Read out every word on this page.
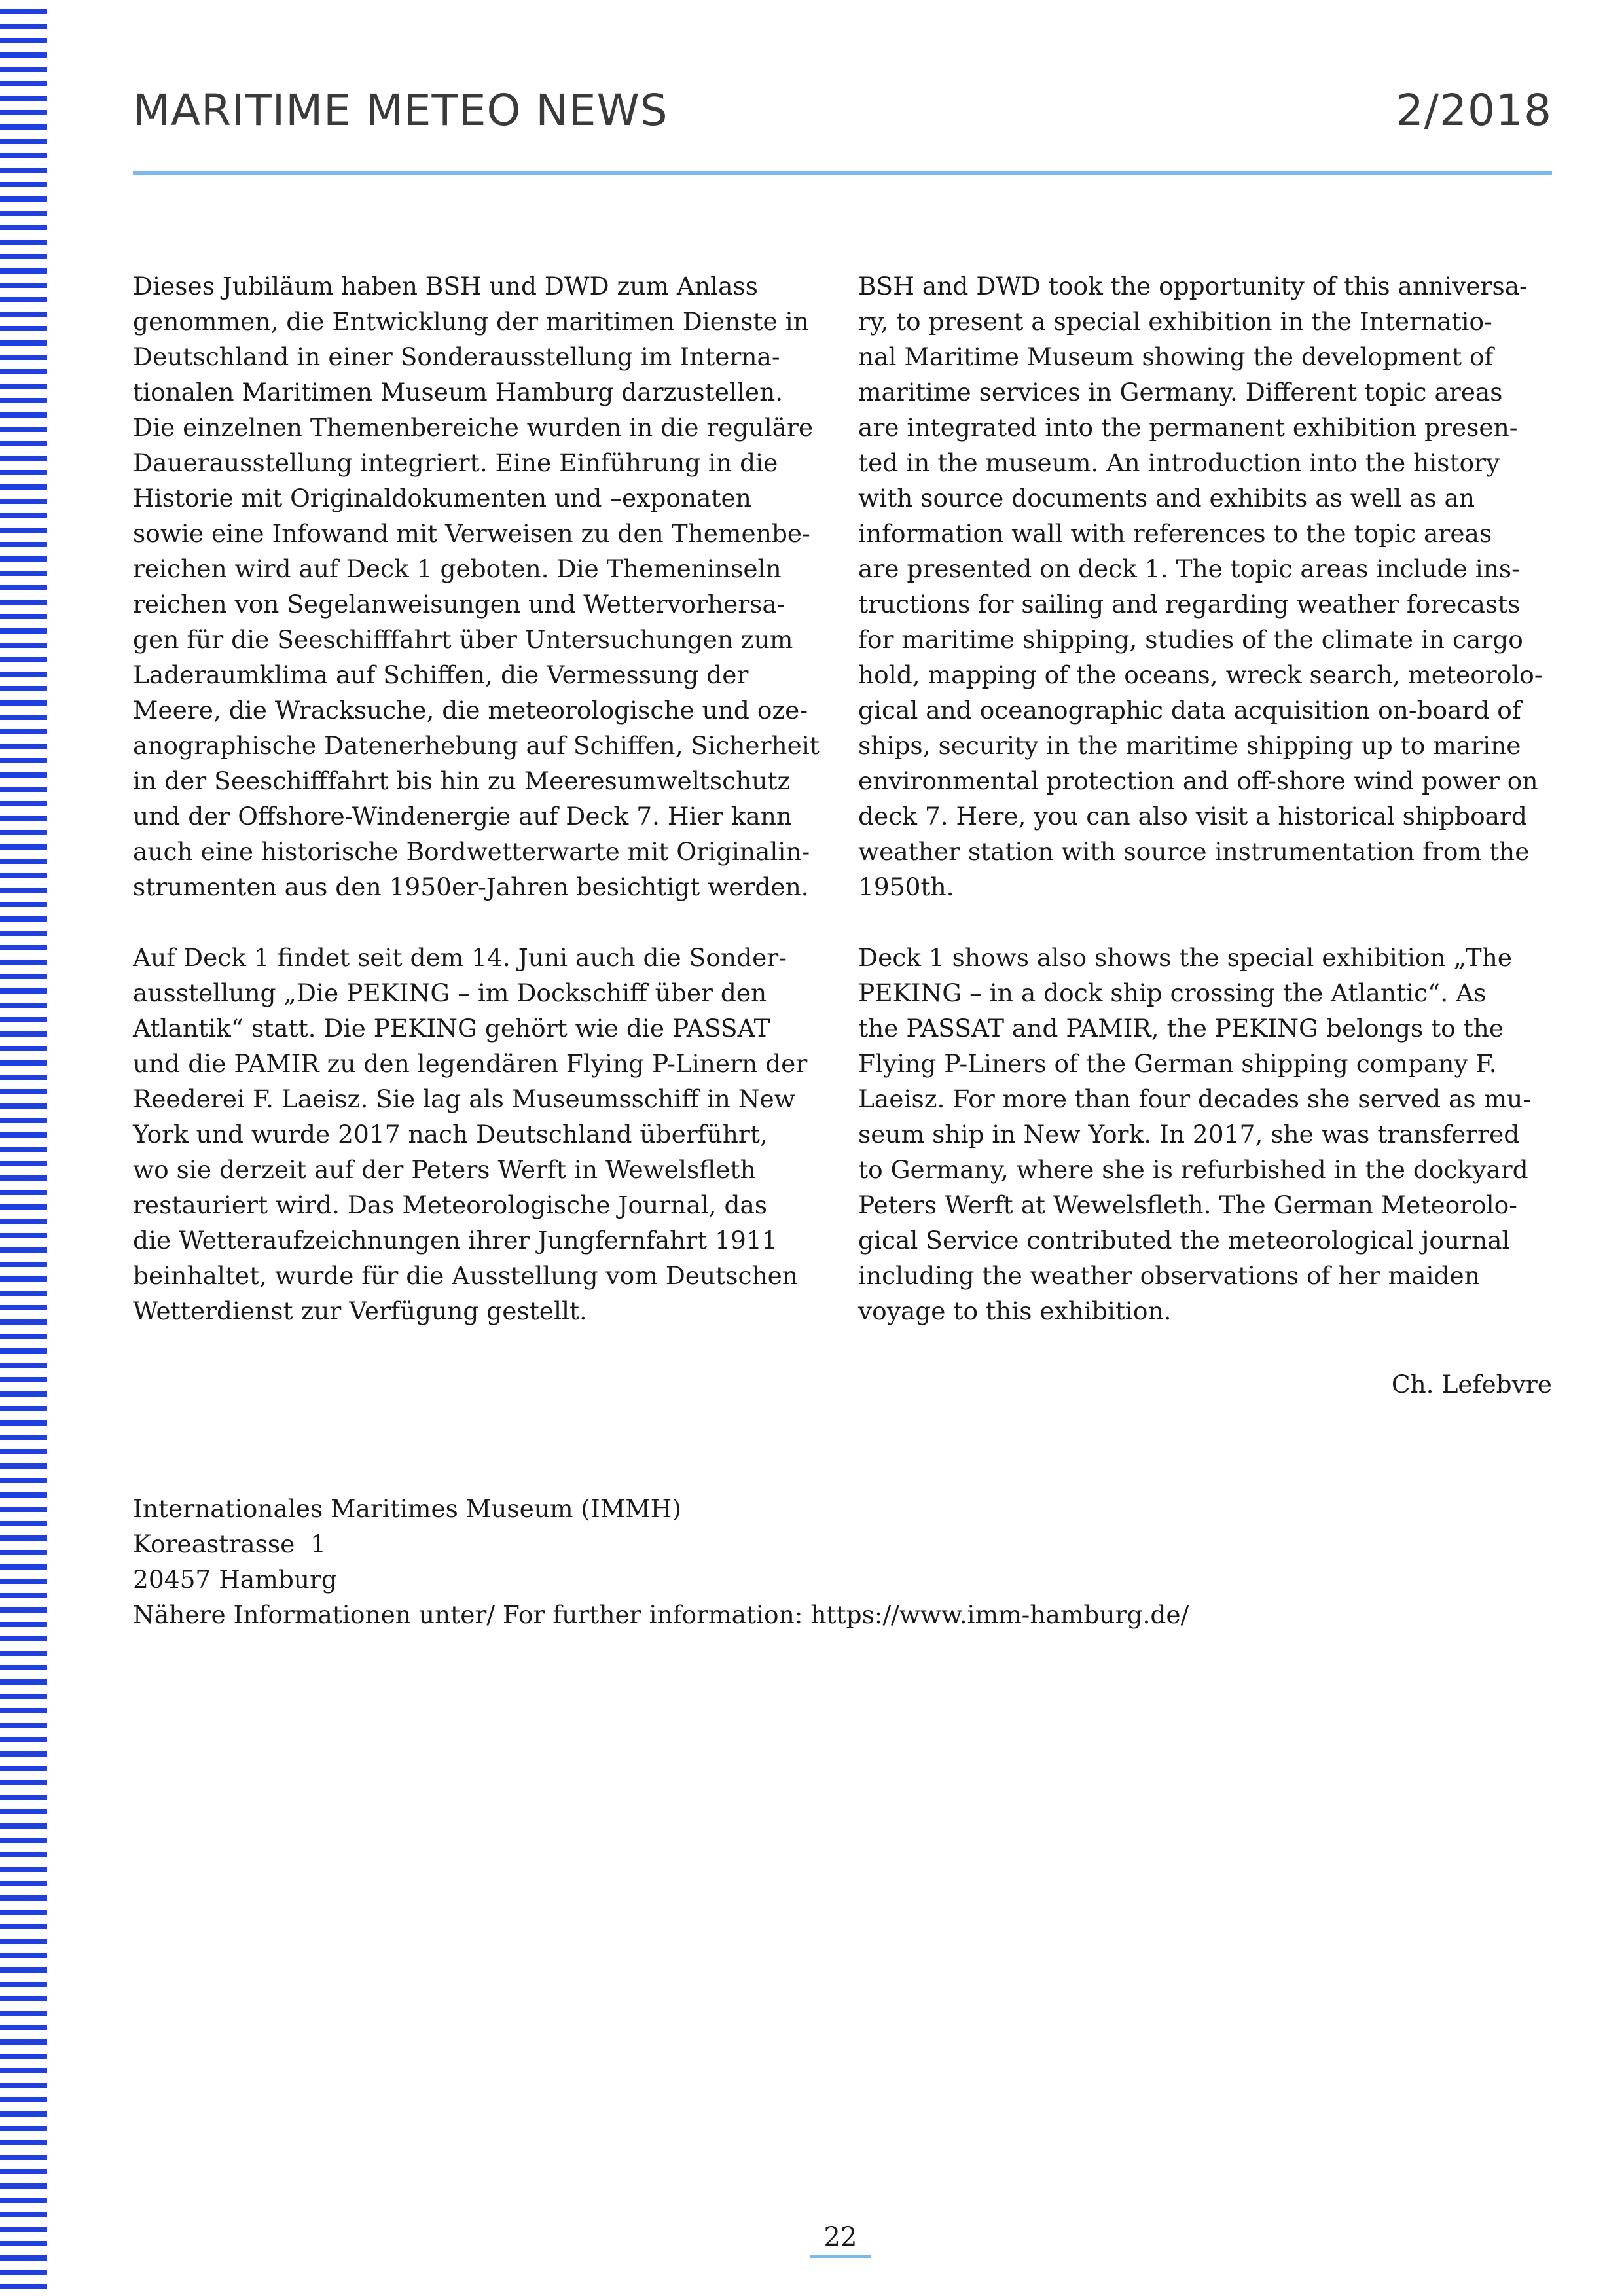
MARITIME METEO NEWS	2/2018

Dieses Jubiläum haben BSH und DWD zum Anlass
genommen, die Entwicklung der maritimen Dienste in
Deutschland in einer Sonderausstellung im Interna-
tionalen Maritimen Museum Hamburg darzustellen.
Die einzelnen Themenbereiche wurden in die reguläre
Dauerausstellung integriert. Eine Einführung in die
Historie mit Originaldokumenten und –exponaten
sowie eine Infowand mit Verweisen zu den Themenbe-
reichen wird auf Deck 1 geboten. Die Themeninseln
reichen von Segelanweisungen und Wettervorhersa-
gen für die Seeschifffahrt über Untersuchungen zum
Laderaumklima auf Schiffen, die Vermessung der
Meere, die Wracksuche, die meteorologische und oze-
anographische Datenerhebung auf Schiffen, Sicherheit
in der Seeschifffahrt bis hin zu Meeresumweltschutz
und der Offshore-Windenergie auf Deck 7. Hier kann
auch eine historische Bordwetterwarte mit Originalin-
strumenten aus den 1950er-Jahren besichtigt werden.

Auf Deck 1 findet seit dem 14. Juni auch die Sonder-
ausstellung „Die PEKING – im Dockschiff über den
Atlantik“ statt. Die PEKING gehört wie die PASSAT
und die PAMIR zu den legendären Flying P-Linern der
Reederei F. Laeisz. Sie lag als Museumsschiff in New
York und wurde 2017 nach Deutschland überführt,
wo sie derzeit auf der Peters Werft in Wewelsfleth
restauriert wird. Das Meteorologische Journal, das
die Wetteraufzeichnungen ihrer Jungfernfahrt 1911
beinhaltet, wurde für die Ausstellung vom Deutschen
Wetterdienst zur Verfügung gestellt.

BSH and DWD took the opportunity of this anniversa-
ry, to present a special exhibition in the Internatio-
nal Maritime Museum showing the development of
maritime services in Germany. Different topic areas
are integrated into the permanent exhibition presen-
ted in the museum. An introduction into the history
with source documents and exhibits as well as an
information wall with references to the topic areas
are presented on deck 1. The topic areas include ins-
tructions for sailing and regarding weather forecasts
for maritime shipping, studies of the climate in cargo
hold, mapping of the oceans, wreck search, meteorolo-
gical and oceanographic data acquisition on-board of
ships, security in the maritime shipping up to marine
environmental protection and off-shore wind power on
deck 7. Here, you can also visit a historical shipboard
weather station with source instrumentation from the
1950th.

Deck 1 shows also shows the special exhibition „The
PEKING – in a dock ship crossing the Atlantic“. As
the PASSAT and PAMIR, the PEKING belongs to the
Flying P-Liners of the German shipping company F.
Laeisz. For more than four decades she served as mu-
seum ship in New York. In 2017, she was transferred
to Germany, where she is refurbished in the dockyard
Peters Werft at Wewelsfleth. The German Meteorolo-
gical Service contributed the meteorological journal
including the weather observations of her maiden
voyage to this exhibition.

Ch. Lefebvre
Internationales Maritimes Museum (IMMH)
Koreastrasse  1
20457 Hamburg
Nähere Informationen unter/ For further information: https://www.imm-hamburg.de/
22
